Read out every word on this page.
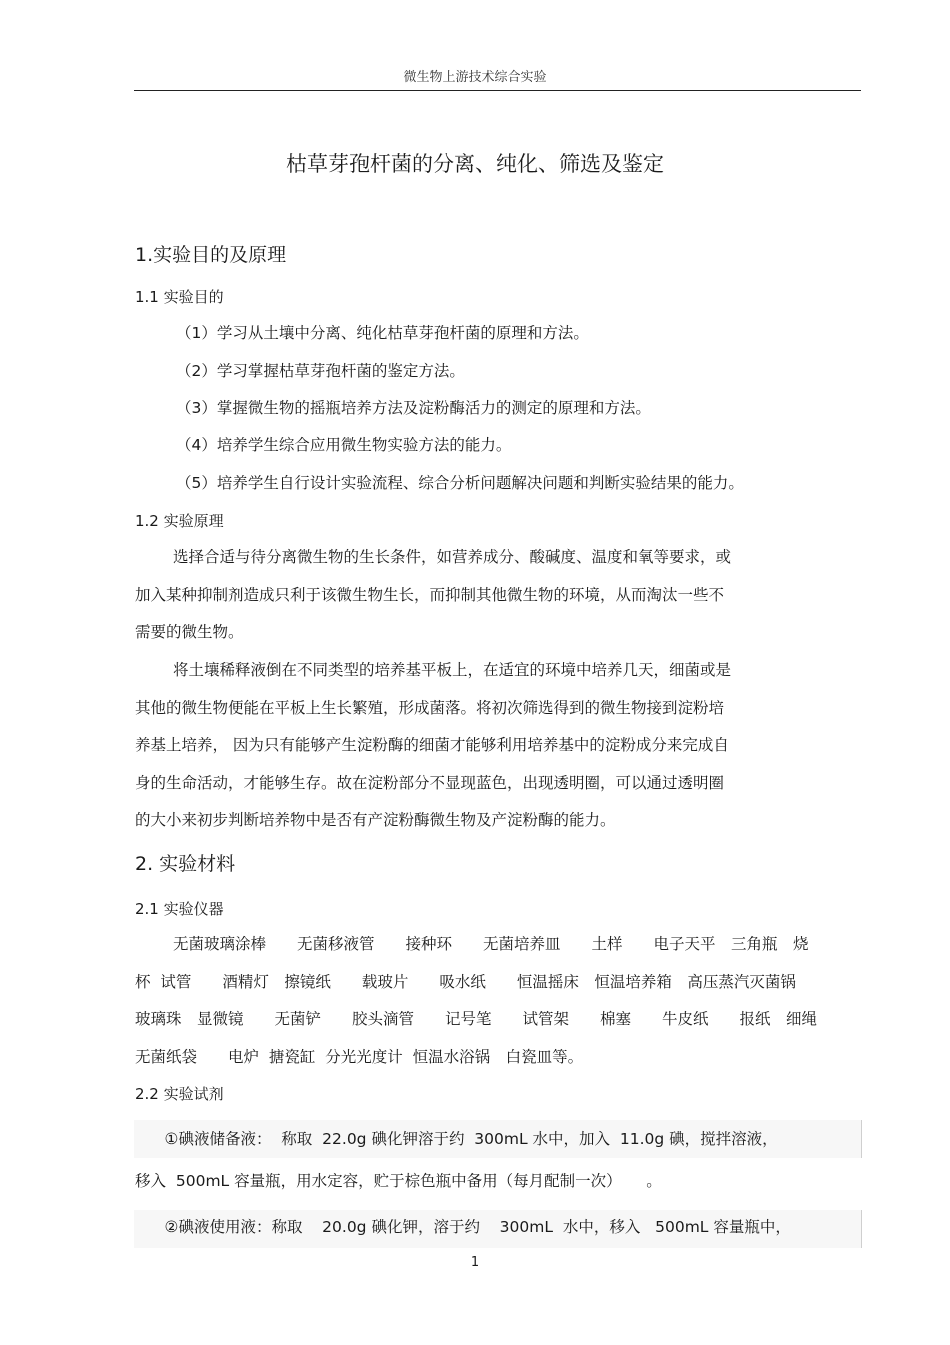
微生物上游技术综合实验
枯草芽孢杆菌的分离、纯化、筛选及鉴定
1.实验目的及原理
1.1 实验目的
（1）学习从土壤中分离、纯化枯草芽孢杆菌的原理和方法。
（2）学习掌握枯草芽孢杆菌的鉴定方法。
（3）掌握微生物的摇瓶培养方法及淀粉酶活力的测定的原理和方法。
（4）培养学生综合应用微生物实验方法的能力。
（5）培养学生自行设计实验流程、综合分析问题解决问题和判断实验结果的能力。
1.2 实验原理
选择合适与待分离微生物的生长条件，如营养成分、酸碱度、温度和氧等要求，或
加入某种抑制剂造成只利于该微生物生长，而抑制其他微生物的环境，从而淘汰一些不
需要的微生物。
将土壤稀释液倒在不同类型的培养基平板上，在适宜的环境中培养几天，细菌或是
其他的微生物便能在平板上生长繁殖，形成菌落。将初次筛选得到的微生物接到淀粉培
养基上培养， 因为只有能够产生淀粉酶的细菌才能够利用培养基中的淀粉成分来完成自
身的生命活动，才能够生存。故在淀粉部分不显现蓝色，出现透明圈，可以通过透明圈
的大小来初步判断培养物中是否有产淀粉酶微生物及产淀粉酶的能力。
2. 实验材料
2.1 实验仪器
无菌玻璃涂棒　　无菌移液管　　接种环　　无菌培养皿　　土样　　电子天平　三角瓶　烧
杯  试管　　酒精灯　擦镜纸　　载玻片　　吸水纸　　恒温摇床　恒温培养箱　高压蒸汽灭菌锅
玻璃珠　显微镜　　无菌铲　　胶头滴管　　记号笔　　试管架　　棉塞　　牛皮纸　　报纸　细绳
无菌纸袋　　电炉  搪瓷缸  分光光度计  恒温水浴锅　白瓷皿等。
2.2 实验试剂
①碘液储备液：  称取  22.0g 碘化钾溶于约  300mL 水中，加入  11.0g 碘，搅拌溶液，
移入  500mL 容量瓶，用水定容，贮于棕色瓶中备用（每月配制一次）     。
②碘液使用液：称取    20.0g 碘化钾，溶于约    300mL  水中，移入   500mL 容量瓶中，
1
